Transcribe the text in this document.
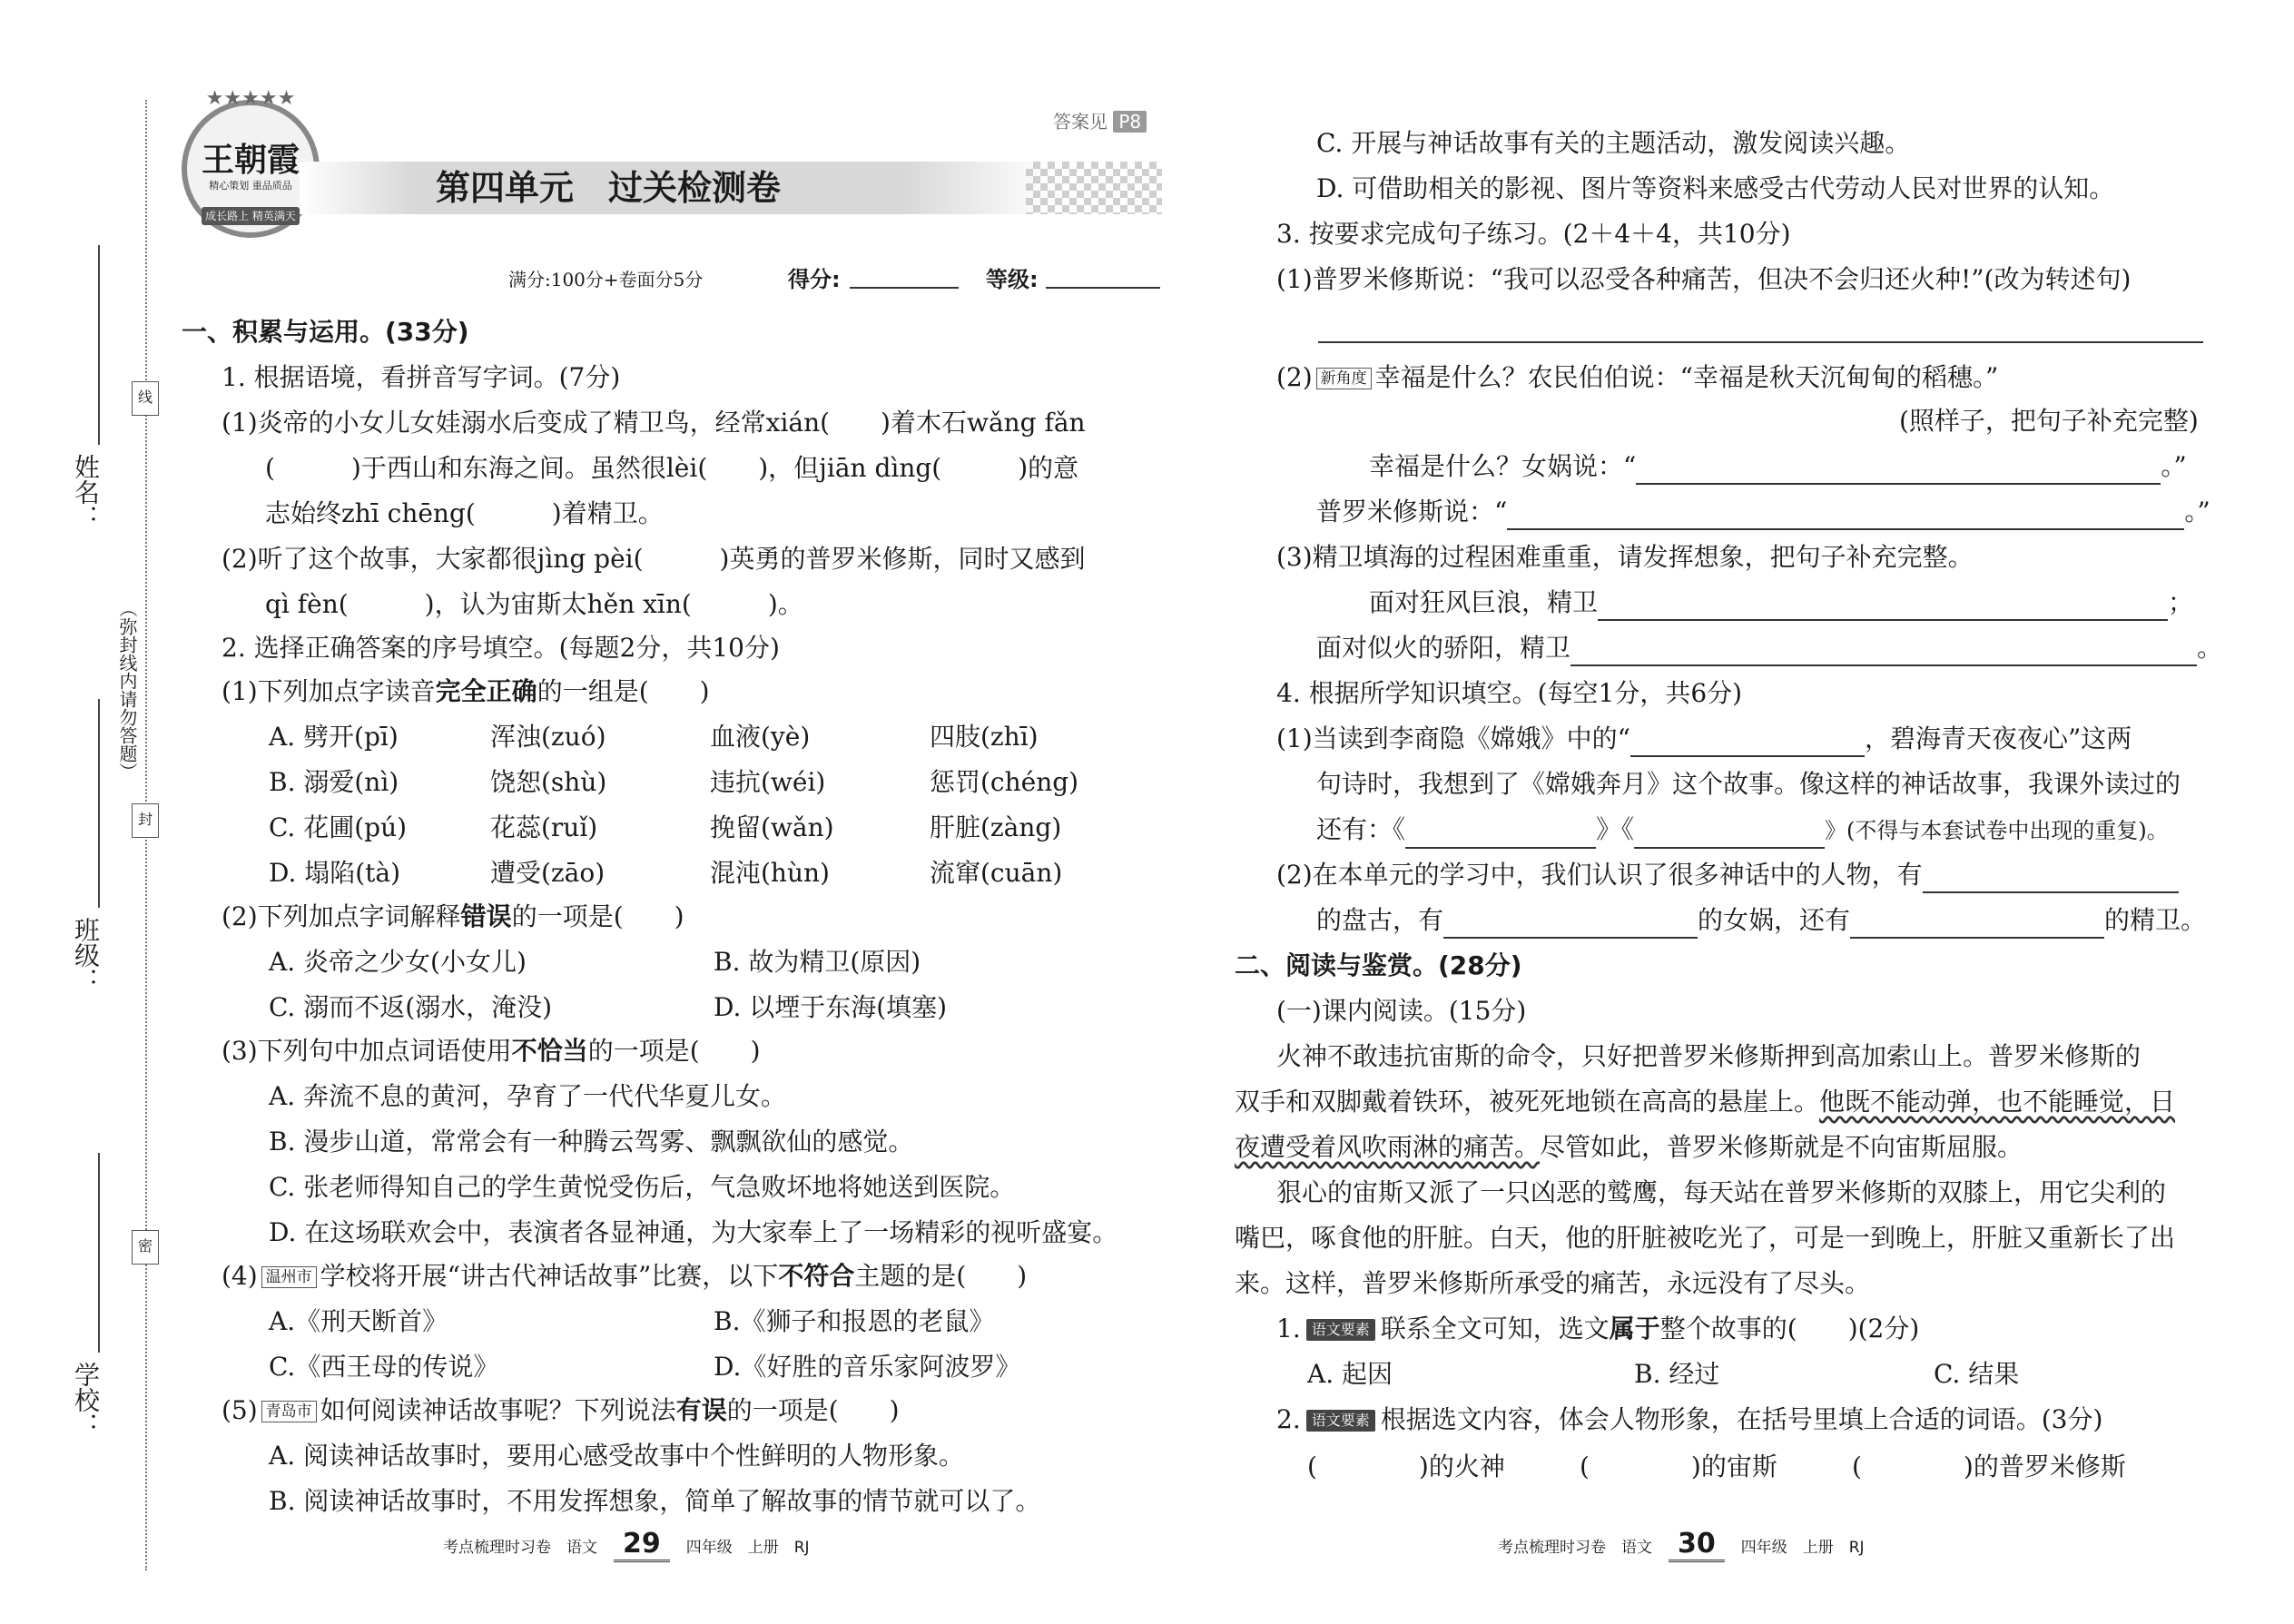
姓名：
班级：
学校：
（弥封线内请勿答题）
线
封
密
★★★★★
王朝霞
精心策划 重品质品
成长路上 精英满天
答案见 P8
第四单元　过关检测卷
满分:100分+卷面分5分	得分:	等级:
一、积累与运用。(33分)
1. 根据语境，看拼音写字词。(7分)
(1)炎帝的小女儿女娃溺水后变成了精卫鸟，经常xián(　　)着木石wǎng fǎn
(　　　)于西山和东海之间。虽然很lèi(　　)，但jiān dìng(　　　)的意
志始终zhī chēng(　　　)着精卫。
(2)听了这个故事，大家都很jìng pèi(　　　)英勇的普罗米修斯，同时又感到
qì fèn(　　　)，认为宙斯太hěn xīn(　　　)。
2. 选择正确答案的序号填空。(每题2分，共10分)
(1)下列加点字读音完全正确的一组是(　　)
A. 劈开(pī)	浑浊(zuó)	血液(yè)	四肢(zhī)
B. 溺爱(nì)	饶恕(shù)	违抗(wéi)	惩罚(chéng)
C. 花圃(pú)	花蕊(ruǐ)	挽留(wǎn)	肝脏(zàng)
D. 塌陷(tà)	遭受(zāo)	混沌(hùn)	流窜(cuān)
(2)下列加点字词解释错误的一项是(　　)
A. 炎帝之少女(小女儿)	B. 故为精卫(原因)
C. 溺而不返(溺水，淹没)	D. 以堙于东海(填塞)
(3)下列句中加点词语使用不恰当的一项是(　　)
A. 奔流不息的黄河，孕育了一代代华夏儿女。
B. 漫步山道，常常会有一种腾云驾雾、飘飘欲仙的感觉。
C. 张老师得知自己的学生黄悦受伤后，气急败坏地将她送到医院。
D. 在这场联欢会中，表演者各显神通，为大家奉上了一场精彩的视听盛宴。
(4) 温州市 学校将开展“讲古代神话故事”比赛，以下不符合主题的是(　　)
A.《刑天断首》	B.《狮子和报恩的老鼠》
C.《西王母的传说》	D.《好胜的音乐家阿波罗》
(5) 青岛市 如何阅读神话故事呢？下列说法有误的一项是(　　)
A. 阅读神话故事时，要用心感受故事中个性鲜明的人物形象。
B. 阅读神话故事时，不用发挥想象，简单了解故事的情节就可以了。
考点梳理时习卷　语文 29 四年级　上册　RJ
C. 开展与神话故事有关的主题活动，激发阅读兴趣。
D. 可借助相关的影视、图片等资料来感受古代劳动人民对世界的认知。
3. 按要求完成句子练习。(2＋4＋4，共10分)
(1)普罗米修斯说：“我可以忍受各种痛苦，但决不会归还火种!”(改为转述句)
(2) 新角度 幸福是什么？农民伯伯说：“幸福是秋天沉甸甸的稻穗。”
(照样子，把句子补充完整)
幸福是什么？女娲说：“	。”
普罗米修斯说：“	。”
(3)精卫填海的过程困难重重，请发挥想象，把句子补充完整。
面对狂风巨浪，精卫	；
面对似火的骄阳，精卫	。
4. 根据所学知识填空。(每空1分，共6分)
(1)当读到李商隐《嫦娥》中的“	，碧海青天夜夜心”这两
句诗时，我想到了《嫦娥奔月》这个故事。像这样的神话故事，我课外读过的
还有：《	》《	》(不得与本套试卷中出现的重复)。
(2)在本单元的学习中，我们认识了很多神话中的人物，有
的盘古，有	的女娲，还有	的精卫。
二、阅读与鉴赏。(28分)
(一)课内阅读。(15分)
火神不敢违抗宙斯的命令，只好把普罗米修斯押到高加索山上。普罗米修斯的
双手和双脚戴着铁环，被死死地锁在高高的悬崖上。他既不能动弹，也不能睡觉，日
夜遭受着风吹雨淋的痛苦。尽管如此，普罗米修斯就是不向宙斯屈服。
狠心的宙斯又派了一只凶恶的鹫鹰，每天站在普罗米修斯的双膝上，用它尖利的
嘴巴，啄食他的肝脏。白天，他的肝脏被吃光了，可是一到晚上，肝脏又重新长了出
来。这样，普罗米修斯所承受的痛苦，永远没有了尽头。
1. 语文要素 联系全文可知，选文属于整个故事的(　　)(2分)
A. 起因	B. 经过	C. 结果
2. 语文要素 根据选文内容，体会人物形象，在括号里填上合适的词语。(3分)
(　　　　)的火神	(　　　　)的宙斯	(　　　　)的普罗米修斯
考点梳理时习卷　语文 30 四年级　上册　RJ
